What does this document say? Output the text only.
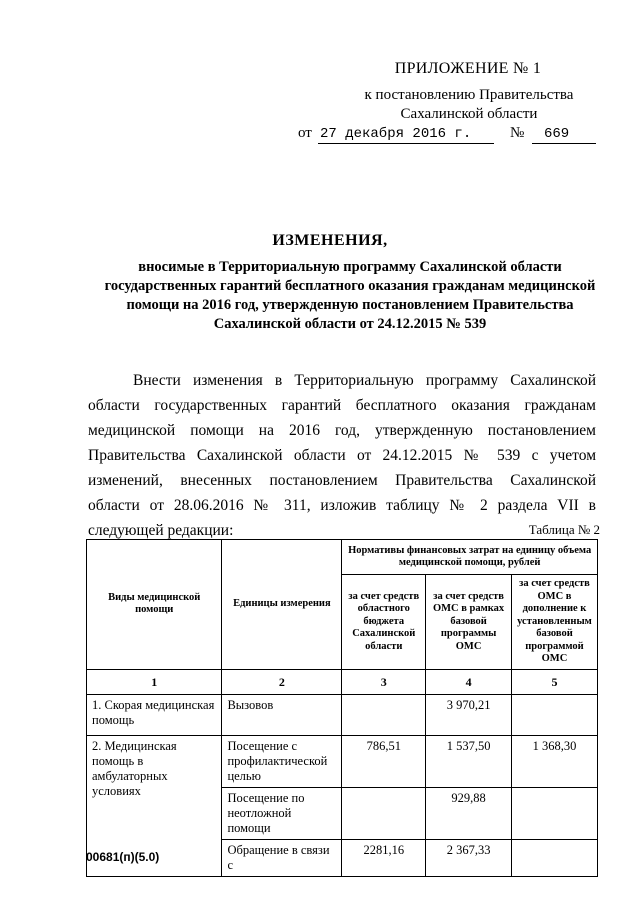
ПРИЛОЖЕНИЕ № 1
к постановлению Правительства
Сахалинской области
от 27 декабря 2016 г.	№ 669
ИЗМЕНЕНИЯ,
вносимые в Территориальную программу Сахалинской области государственных гарантий бесплатного оказания гражданам медицинской помощи на 2016 год, утвержденную постановлением Правительства Сахалинской области от 24.12.2015 № 539
Внести изменения в Территориальную программу Сахалинской области государственных гарантий бесплатного оказания гражданам медицинской помощи на 2016 год, утвержденную постановлением Правительства Сахалинской области от 24.12.2015 № 539 с учетом изменений, внесенных постановлением Правительства Сахалинской области от 28.06.2016 № 311, изложив таблицу № 2 раздела VII в следующей редакции:	Таблица № 2
Виды медицинской помощи	Единицы измерения	Нормативы финансовых затрат на единицу объема медицинской помощи, рублей		
		за счет средств областного бюджета Сахалинской области	за счет средств ОМС в рамках базовой программы ОМС	за счет средств ОМС в дополнение к установленным базовой программой ОМС
1	2	3	4	5
1. Скорая медицинская помощь	Вызовов		3 970,21	
2. Медицинская помощь в амбулаторных условиях	Посещение с профилактической целью	786,51	1 537,50	1 368,30
	Посещение по неотложной помощи		929,88	
	Обращение в связи с	2281,16	2 367,33	
00681(п)(5.0)
